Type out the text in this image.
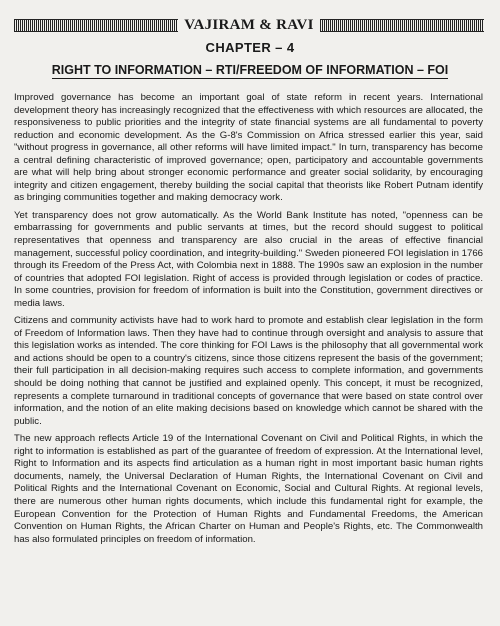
VAJIRAM & RAVI
CHAPTER – 4
RIGHT TO INFORMATION – RTI/FREEDOM OF INFORMATION – FOI

Improved governance has become an important goal of state reform in recent years. International development theory has increasingly recognized that the effectiveness with which resources are allocated, the responsiveness to public priorities and the integrity of state financial systems are all fundamental to poverty reduction and economic development. As the G-8's Commission on Africa stressed earlier this year, said "without progress in governance, all other reforms will have limited impact." In turn, transparency has become a central defining characteristic of improved governance; open, participatory and accountable governments are what will help bring about stronger economic performance and greater social solidarity, by encouraging integrity and citizen engagement, thereby building the social capital that theorists like Robert Putnam identify as bringing communities together and making democracy work.

Yet transparency does not grow automatically. As the World Bank Institute has noted, "openness can be embarrassing for governments and public servants at times, but the record should suggest to political representatives that openness and transparency are also crucial in the areas of effective financial management, successful policy coordination, and integrity-building." Sweden pioneered FOI legislation in 1766 through its Freedom of the Press Act, with Colombia next in 1888. The 1990s saw an explosion in the number of countries that adopted FOI legislation. Right of access is provided through legislation or codes of practice. In some countries, provision for freedom of information is built into the Constitution, government directives or media laws.

Citizens and community activists have had to work hard to promote and establish clear legislation in the form of Freedom of Information laws. Then they have had to continue through oversight and analysis to assure that this legislation works as intended. The core thinking for FOI Laws is the philosophy that all governmental work and actions should be open to a country's citizens, since those citizens represent the basis of the government; their full participation in all decision-making requires such access to complete information, and governments should be doing nothing that cannot be justified and explained openly. This concept, it must be recognized, represents a complete turnaround in traditional concepts of governance that were based on state control over information, and the notion of an elite making decisions based on knowledge which cannot be shared with the public.

The new approach reflects Article 19 of the International Covenant on Civil and Political Rights, in which the right to information is established as part of the guarantee of freedom of expression. At the International level, Right to Information and its aspects find articulation as a human right in most important basic human rights documents, namely, the Universal Declaration of Human Rights, the International Covenant on Civil and Political Rights and the International Covenant on Economic, Social and Cultural Rights. At regional levels, there are numerous other human rights documents, which include this fundamental right for example, the European Convention for the Protection of Human Rights and Fundamental Freedoms, the American Convention on Human Rights, the African Charter on Human and People's Rights, etc. The Commonwealth has also formulated principles on freedom of information.
